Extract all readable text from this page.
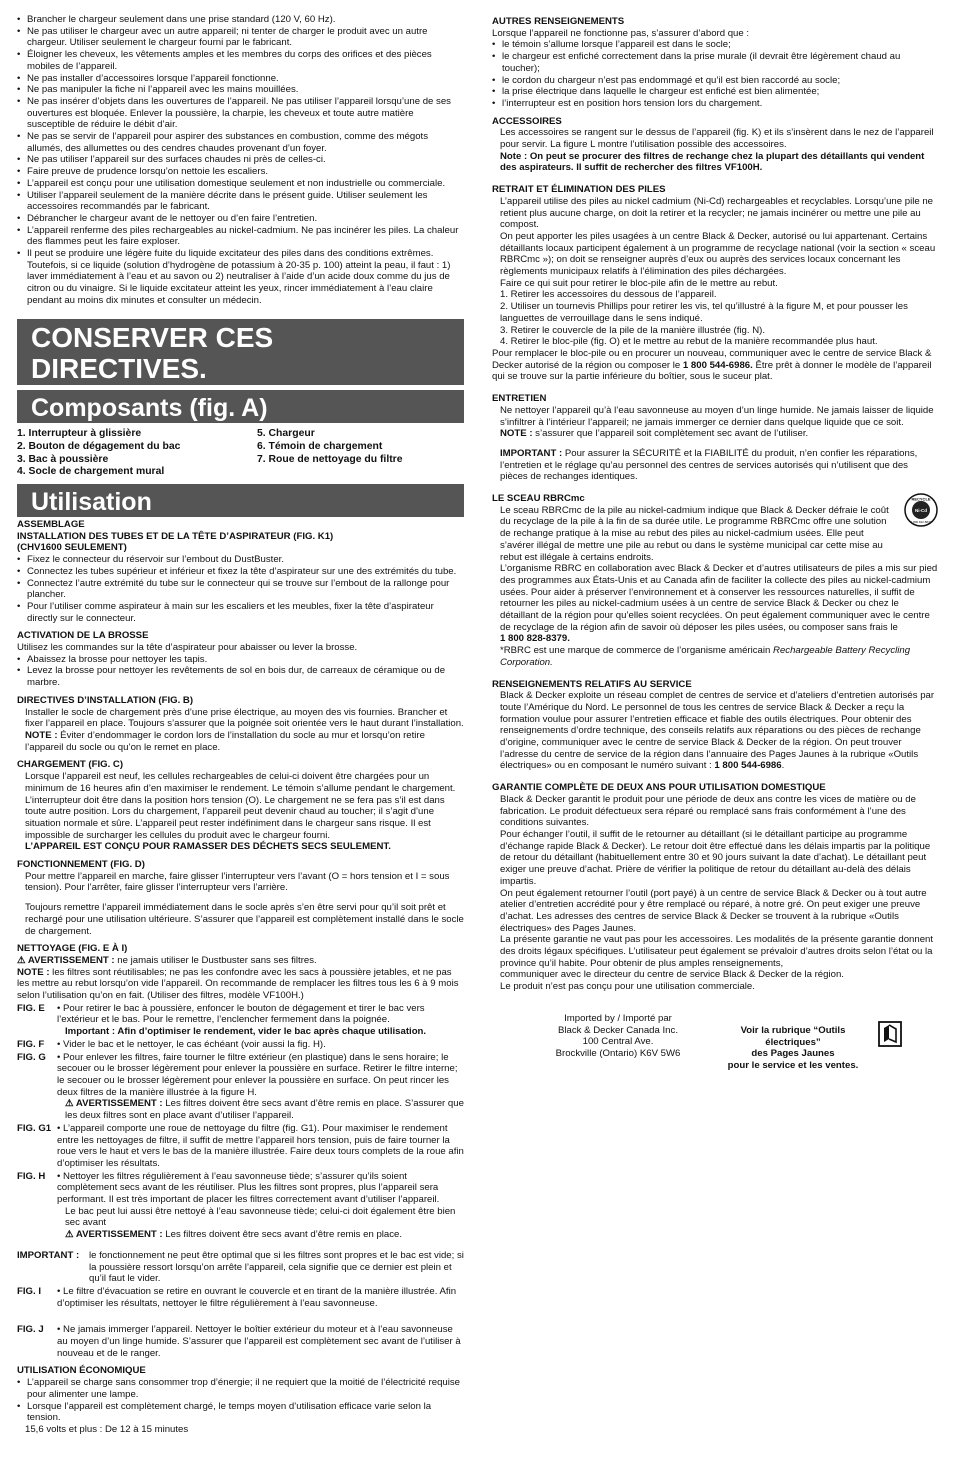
• Brancher le chargeur seulement dans une prise standard (120 V, 60 Hz).
• Ne pas utiliser le chargeur avec un autre appareil; ni tenter de charger le produit avec un autre chargeur. Utiliser seulement le chargeur fourni par le fabricant.
• Éloigner les cheveux, les vêtements amples et les membres du corps des orifices et des pièces mobiles de l’appareil.
• Ne pas installer d’accessoires lorsque l’appareil fonctionne.
• Ne pas manipuler la fiche ni l’appareil avec les mains mouillées.
• Ne pas insérer d’objets dans les ouvertures de l’appareil. Ne pas utiliser l’appareil lorsqu’une de ses ouvertures est bloquée. Enlever la poussière, la charpie, les cheveux et toute autre matière susceptible de réduire le débit d’air.
• Ne pas se servir de l’appareil pour aspirer des substances en combustion, comme des mégots allumés, des allumettes ou des cendres chaudes provenant d’un foyer.
• Ne pas utiliser l’appareil sur des surfaces chaudes ni près de celles-ci.
• Faire preuve de prudence lorsqu’on nettoie les escaliers.
• L’appareil est conçu pour une utilisation domestique seulement et non industrielle ou commerciale.
• Utiliser l’appareil seulement de la manière décrite dans le présent guide. Utiliser seulement les accessoires recommandés par le fabricant.
• Débrancher le chargeur avant de le nettoyer ou d’en faire l’entretien.
• L’appareil renferme des piles rechargeables au nickel-cadmium. Ne pas incinérer les piles. La chaleur des flammes peut les faire exploser.
• Il peut se produire une légère fuite du liquide excitateur des piles dans des conditions extrêmes. Toutefois, si ce liquide (solution d’hydrogène de potassium à 20-35 p. 100) atteint la peau, il faut : 1) laver immédiatement à l’eau et au savon ou 2) neutraliser à l’aide d’un acide doux comme du jus de citron ou du vinaigre. Si le liquide excitateur atteint les yeux, rincer immédiatement à l’eau claire pendant au moins dix minutes et consulter un médecin.
CONSERVER CES DIRECTIVES.
Composants (fig. A)
1. Interrupteur à glissière	5. Chargeur
2. Bouton de dégagement du bac	6. Témoin de chargement
3. Bac à poussière	7. Roue de nettoyage du filtre
4. Socle de chargement mural
Utilisation
ASSEMBLAGE
INSTALLATION DES TUBES ET DE LA TÊTE D’ASPIRATEUR (FIG. K1)
(CHV1600 SEULEMENT)
• Fixez le connecteur du réservoir sur l’embout du DustBuster.
• Connectez les tubes supérieur et inférieur et fixez la tête d’aspirateur sur une des extrémités du tube.
• Connectez l’autre extrémité du tube sur le connecteur qui se trouve sur l’embout de la rallonge pour plancher.
• Pour l’utiliser comme aspirateur à main sur les escaliers et les meubles, fixer la tête d’aspirateur directly sur le connecteur.
ACTIVATION DE LA BROSSE
Utilisez les commandes sur la tête d’aspirateur pour abaisser ou lever la brosse.
• Abaissez la brosse pour nettoyer les tapis.
• Levez la brosse pour nettoyer les revêtements de sol en bois dur, de carreaux de céramique ou de marbre.
DIRECTIVES D’INSTALLATION (FIG. B)
Installer le socle de chargement près d’une prise électrique, au moyen des vis fournies. Brancher et fixer l’appareil en place. Toujours s’assurer que la poignée soit orientée vers le haut durant l’installation.
NOTE : Éviter d’endommager le cordon lors de l’installation du socle au mur et lorsqu’on retire l’appareil du socle ou qu’on le remet en place.
CHARGEMENT (FIG. C)
Lorsque l’appareil est neuf, les cellules rechargeables de celui-ci doivent être chargées pour un minimum de 16 heures afin d’en maximiser le rendement. Le témoin s’allume pendant le chargement. L’interrupteur doit être dans la position hors tension (O). Le chargement ne se fera pas s’il est dans toute autre position. Lors du chargement, l’appareil peut devenir chaud au toucher; il s’agit d’une situation normale et sûre. L’appareil peut rester indéfiniment dans le chargeur sans risque. Il est impossible de surcharger les cellules du produit avec le chargeur fourni.
L’APPAREIL EST CONÇU POUR RAMASSER DES DÉCHETS SECS SEULEMENT.
FONCTIONNEMENT (FIG. D)
Pour mettre l’appareil en marche, faire glisser l’interrupteur vers l’avant (O = hors tension et I = sous tension). Pour l’arrêter, faire glisser l’interrupteur vers l’arrière.
Toujours remettre l’appareil immédiatement dans le socle après s’en être servi pour qu’il soit prêt et rechargé pour une utilisation ultérieure. S’assurer que l’appareil est complètement installé dans le socle de chargement.
NETTOYAGE (FIG. E À I)
⚠ AVERTISSEMENT : ne jamais utiliser le Dustbuster sans ses filtres.
NOTE : les filtres sont réutilisables; ne pas les confondre avec les sacs à poussière jetables, et ne pas les mettre au rebut lorsqu’on vide l’appareil. On recommande de remplacer les filtres tous les 6 à 9 mois selon l’utilisation qu’on en fait. (Utiliser des filtres, modèle VF100H.)
FIG. E	• Pour retirer le bac à poussière, enfoncer le bouton de dégagement et tirer le bac vers l’extérieur et le bas. Pour le remettre, l’enclencher fermement dans la poignée.
Important : Afin d’optimiser le rendement, vider le bac après chaque utilisation.
FIG. F	• Vider le bac et le nettoyer, le cas échéant (voir aussi la fig. H).
FIG. G	• Pour enlever les filtres, faire tourner le filtre extérieur (en plastique) dans le sens horaire; le secouer ou le brosser légèrement pour enlever la poussière en surface. Retirer le filtre interne; le secouer ou le brosser légèrement pour enlever la poussière en surface. On peut rincer les deux filtres de la manière illustrée à la figure H.
⚠ AVERTISSEMENT : Les filtres doivent être secs avant d’être remis en place. S’assurer que les deux filtres sont en place avant d’utiliser l’appareil.
FIG. G1 • L’appareil comporte une roue de nettoyage du filtre (fig. G1). Pour maximiser le rendement entre les nettoyages de filtre, il suffit de mettre l’appareil hors tension, puis de faire tourner la roue vers le haut et vers le bas de la manière illustrée. Faire deux tours complets de la roue afin d’optimiser les résultats.
FIG. H	• Nettoyer les filtres régulièrement à l’eau savonneuse tiède; s’assurer qu’ils soient complètement secs avant de les réutiliser. Plus les filtres sont propres, plus l’appareil sera performant. Il est très important de placer les filtres correctement avant d’utiliser l’appareil.
Le bac peut lui aussi être nettoyé à l’eau savonneuse tiède; celui-ci doit également être bien sec avant
⚠ AVERTISSEMENT : Les filtres doivent être secs avant d’être remis en place.
IMPORTANT :	le fonctionnement ne peut être optimal que si les filtres sont propres et le bac est vide; si la poussière ressort lorsqu’on arrête l’appareil, cela signifie que ce dernier est plein et qu’il faut le vider.
FIG. I	• Le filtre d’évacuation se retire en ouvrant le couvercle et en tirant de la manière illustrée. Afin d’optimiser les résultats, nettoyer le filtre régulièrement à l’eau savonneuse.
FIG. J	• Ne jamais immerger l’appareil. Nettoyer le boîtier extérieur du moteur et à l’eau savonneuse au moyen d’un linge humide. S’assurer que l’appareil est complètement sec avant de l’utiliser à nouveau et de le ranger.
UTILISATION ÉCONOMIQUE
• L’appareil se charge sans consommer trop d’énergie; il ne requiert que la moitié de l’électricité requise pour alimenter une lampe.
• Lorsque l’appareil est complètement chargé, le temps moyen d’utilisation efficace varie selon la tension.
15,6 volts et plus : De 12 à 15 minutes
AUTRES RENSEIGNEMENTS
Lorsque l’appareil ne fonctionne pas, s’assurer d’abord que :
• le témoin s’allume lorsque l’appareil est dans le socle;
• le chargeur est enfiché correctement dans la prise murale (il devrait être légèrement chaud au toucher);
• le cordon du chargeur n’est pas endommagé et qu’il est bien raccordé au socle;
• la prise électrique dans laquelle le chargeur est enfiché est bien alimentée;
• l’interrupteur est en position hors tension lors du chargement.
ACCESSOIRES
Les accessoires se rangent sur le dessus de l’appareil (fig. K) et ils s’insèrent dans le nez de l’appareil pour servir. La figure L montre l’utilisation possible des accessoires.
Note : On peut se procurer des filtres de rechange chez la plupart des détaillants qui vendent des aspirateurs. Il suffit de rechercher des filtres VF100H.
RETRAIT ET ÉLIMINATION DES PILES
L’appareil utilise des piles au nickel cadmium (Ni-Cd) rechargeables et recyclables. Lorsqu’une pile ne retient plus aucune charge, on doit la retirer et la recycler; ne jamais incinérer ou mettre une pile au compost.
On peut apporter les piles usagées à un centre Black & Decker, autorisé ou lui appartenant. Certains détaillants locaux participent également à un programme de recyclage national (voir la section « sceau RBRCmc »); on doit se renseigner auprès d’eux ou auprès des services locaux concernant les règlements municipaux relatifs à l’élimination des piles déchargées.
Faire ce qui suit pour retirer le bloc-pile afin de le mettre au rebut.
1. Retirer les accessoires du dessous de l’appareil.
2. Utiliser un tournevis Phillips pour retirer les vis, tel qu’illustré à la figure M, et pour pousser les languettes de verrouillage dans le sens indiqué.
3. Retirer le couvercle de la pile de la manière illustrée (fig. N).
4. Retirer le bloc-pile (fig. O) et le mettre au rebut de la manière recommandée plus haut.
Pour remplacer le bloc-pile ou en procurer un nouveau, communiquer avec le centre de service Black & Decker autorisé de la région ou composer le 1 800 544-6986. Être prêt à donner le modèle de l’appareil qui se trouve sur la partie inférieure du boîtier, sous le suceur plat.
ENTRETIEN
Ne nettoyer l’appareil qu’à l’eau savonneuse au moyen d’un linge humide. Ne jamais laisser de liquide s’infiltrer à l’intérieur l’appareil; ne jamais immerger ce dernier dans quelque liquide que ce soit.
NOTE : s’assurer que l’appareil soit complètement sec avant de l’utiliser.
IMPORTANT : Pour assurer la SÉCURITÉ et la FIABILITÉ du produit, n’en confier les réparations, l’entretien et le réglage qu’au personnel des centres de services autorisés qui n’utilisent que des pièces de rechanges identiques.
RECYCLE
Ni-Cd
1.800.822.8837
LE SCEAU RBRCmc
Le sceau RBRCmc de la pile au nickel-cadmium indique que Black & Decker défraie le coût du recyclage de la pile à la fin de sa durée utile. Le programme RBRCmc offre une solution de rechange pratique à la mise au rebut des piles au nickel-cadmium usées. Elle peut s’avérer illégal de mettre une pile au rebut ou dans le système municipal car cette mise au rebut est illégale à certains endroits.
L’organisme RBRC en collaboration avec Black & Decker et d’autres utilisateurs de piles a mis sur pied des programmes aux États-Unis et au Canada afin de faciliter la collecte des piles au nickel-cadmium usées. Pour aider à préserver l’environnement et à conserver les ressources naturelles, il suffit de retourner les piles au nickel-cadmium usées à un centre de service Black & Decker ou chez le détaillant de la région pour qu’elles soient recyclées. On peut également communiquer avec le centre de recyclage de la région afin de savoir où déposer les piles usées, ou composer sans frais le
1 800 828-8379.
*RBRC est une marque de commerce de l’organisme américain Rechargeable Battery Recycling Corporation.
RENSEIGNEMENTS RELATIFS AU SERVICE
Black & Decker exploite un réseau complet de centres de service et d’ateliers d’entretien autorisés par toute l’Amérique du Nord. Le personnel de tous les centres de service Black & Decker a reçu la formation voulue pour assurer l’entretien efficace et fiable des outils électriques. Pour obtenir des renseignements d’ordre technique, des conseils relatifs aux réparations ou des pièces de rechange d’origine, communiquer avec le centre de service Black & Decker de la région. On peut trouver l’adresse du centre de service de la région dans l’annuaire des Pages Jaunes à la rubrique «Outils électriques» ou en composant le numéro suivant : 1 800 544-6986.
GARANTIE COMPLÈTE DE DEUX ANS POUR UTILISATION DOMESTIQUE
Black & Decker garantit le produit pour une période de deux ans contre les vices de matière ou de fabrication. Le produit défectueux sera réparé ou remplacé sans frais conformément à l’une des conditions suivantes.
Pour échanger l’outil, il suffit de le retourner au détaillant (si le détaillant participe au programme d’échange rapide Black & Decker). Le retour doit être effectué dans les délais impartis par la politique de retour du détaillant (habituellement entre 30 et 90 jours suivant la date d’achat). Le détaillant peut exiger une preuve d’achat. Prière de vérifier la politique de retour du détaillant au-delà des délais impartis.
On peut également retourner l’outil (port payé) à un centre de service Black & Decker ou à tout autre atelier d’entretien accrédité pour y être remplacé ou réparé, à notre gré. On peut exiger une preuve d’achat. Les adresses des centres de service Black & Decker se trouvent à la rubrique «Outils électriques» des Pages Jaunes.
La présente garantie ne vaut pas pour les accessoires. Les modalités de la présente garantie donnent des droits légaux spécifiques. L’utilisateur peut également se prévaloir d’autres droits selon l’état ou la province qu’il habite. Pour obtenir de plus amples renseignements,
communiquer avec le directeur du centre de service Black & Decker de la région.
Le produit n’est pas conçu pour une utilisation commerciale.
Imported by / Importé par
Black & Decker Canada Inc.
100 Central Ave.
Brockville (Ontario) K6V 5W6
Voir la rubrique “Outils
électriques”
des Pages Jaunes
pour le service et les ventes.
